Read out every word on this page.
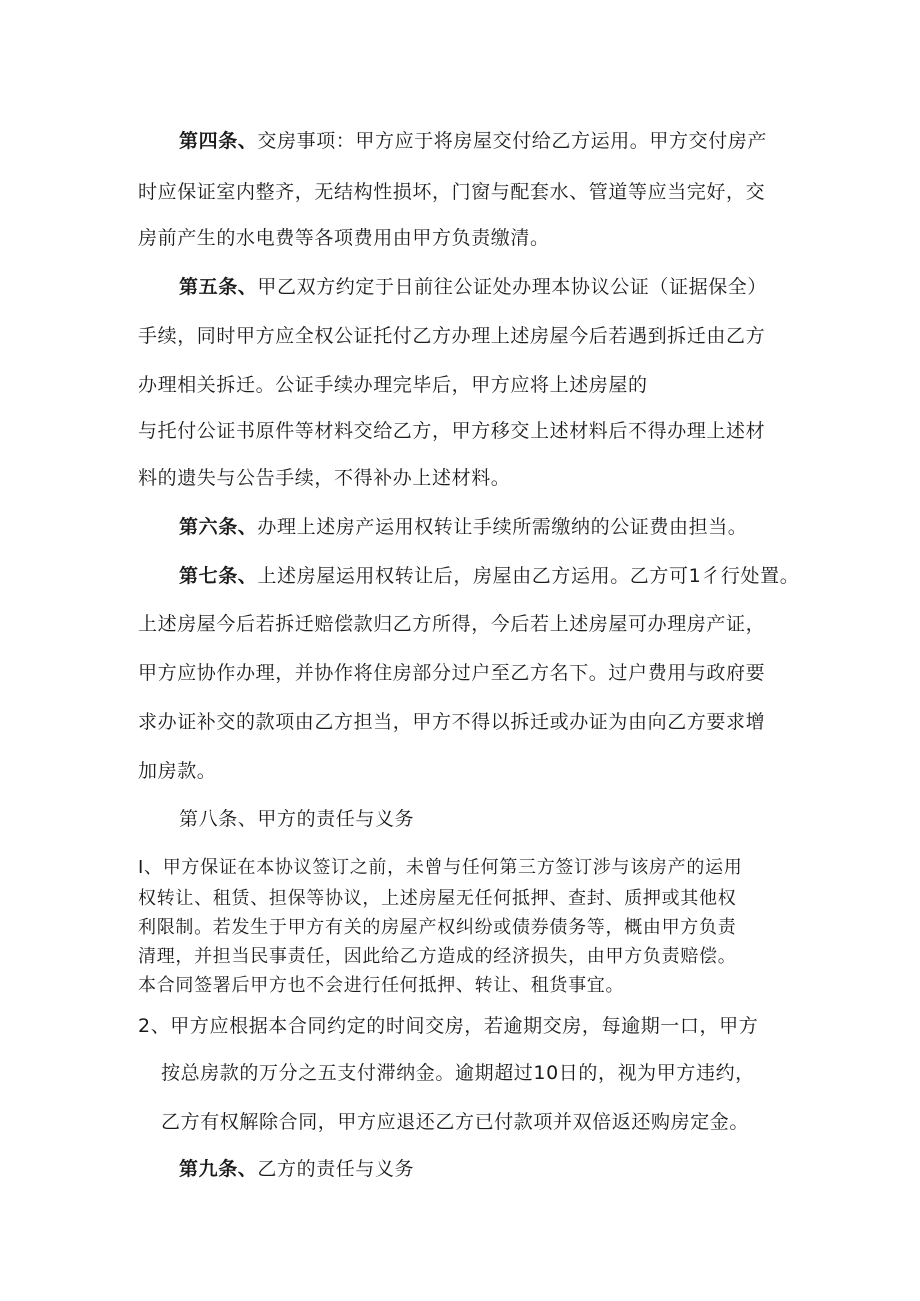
第四条、交房事项：甲方应于将房屋交付给乙方运用。甲方交付房产

时应保证室内整齐，无结构性损坏，门窗与配套水、管道等应当完好，交

房前产生的水电费等各项费用由甲方负责缴清。

第五条、甲乙双方约定于日前往公证处办理本协议公证（证据保全）

手续，同时甲方应全权公证托付乙方办理上述房屋今后若遇到拆迁由乙方

办理相关拆迁。公证手续办理完毕后，甲方应将上述房屋的

与托付公证书原件等材料交给乙方，甲方移交上述材料后不得办理上述材

料的遗失与公告手续，不得补办上述材料。

第六条、办理上述房产运用权转让手续所需缴纳的公证费由担当。

第七条、上述房屋运用权转让后，房屋由乙方运用。乙方可1彳行处置。

上述房屋今后若拆迁赔偿款归乙方所得，今后若上述房屋可办理房产证，

甲方应协作办理，并协作将住房部分过户至乙方名下。过户费用与政府要

求办证补交的款项由乙方担当，甲方不得以拆迁或办证为由向乙方要求增

加房款。

第八条、甲方的责任与义务

I、甲方保证在本协议签订之前，未曾与任何第三方签订涉与该房产的运用

权转让、租赁、担保等协议，上述房屋无任何抵押、查封、质押或其他权

利限制。若发生于甲方有关的房屋产权纠纷或债券债务等，概由甲方负责

清理，并担当民事责任，因此给乙方造成的经济损失，由甲方负责赔偿。

本合同签署后甲方也不会进行任何抵押、转让、租货事宜。

2、甲方应根据本合同约定的时间交房，若逾期交房，每逾期一口，甲方

按总房款的万分之五支付滞纳金。逾期超过10日的，视为甲方违约，

乙方有权解除合同，甲方应退还乙方已付款项并双倍返还购房定金。

第九条、乙方的责任与义务
